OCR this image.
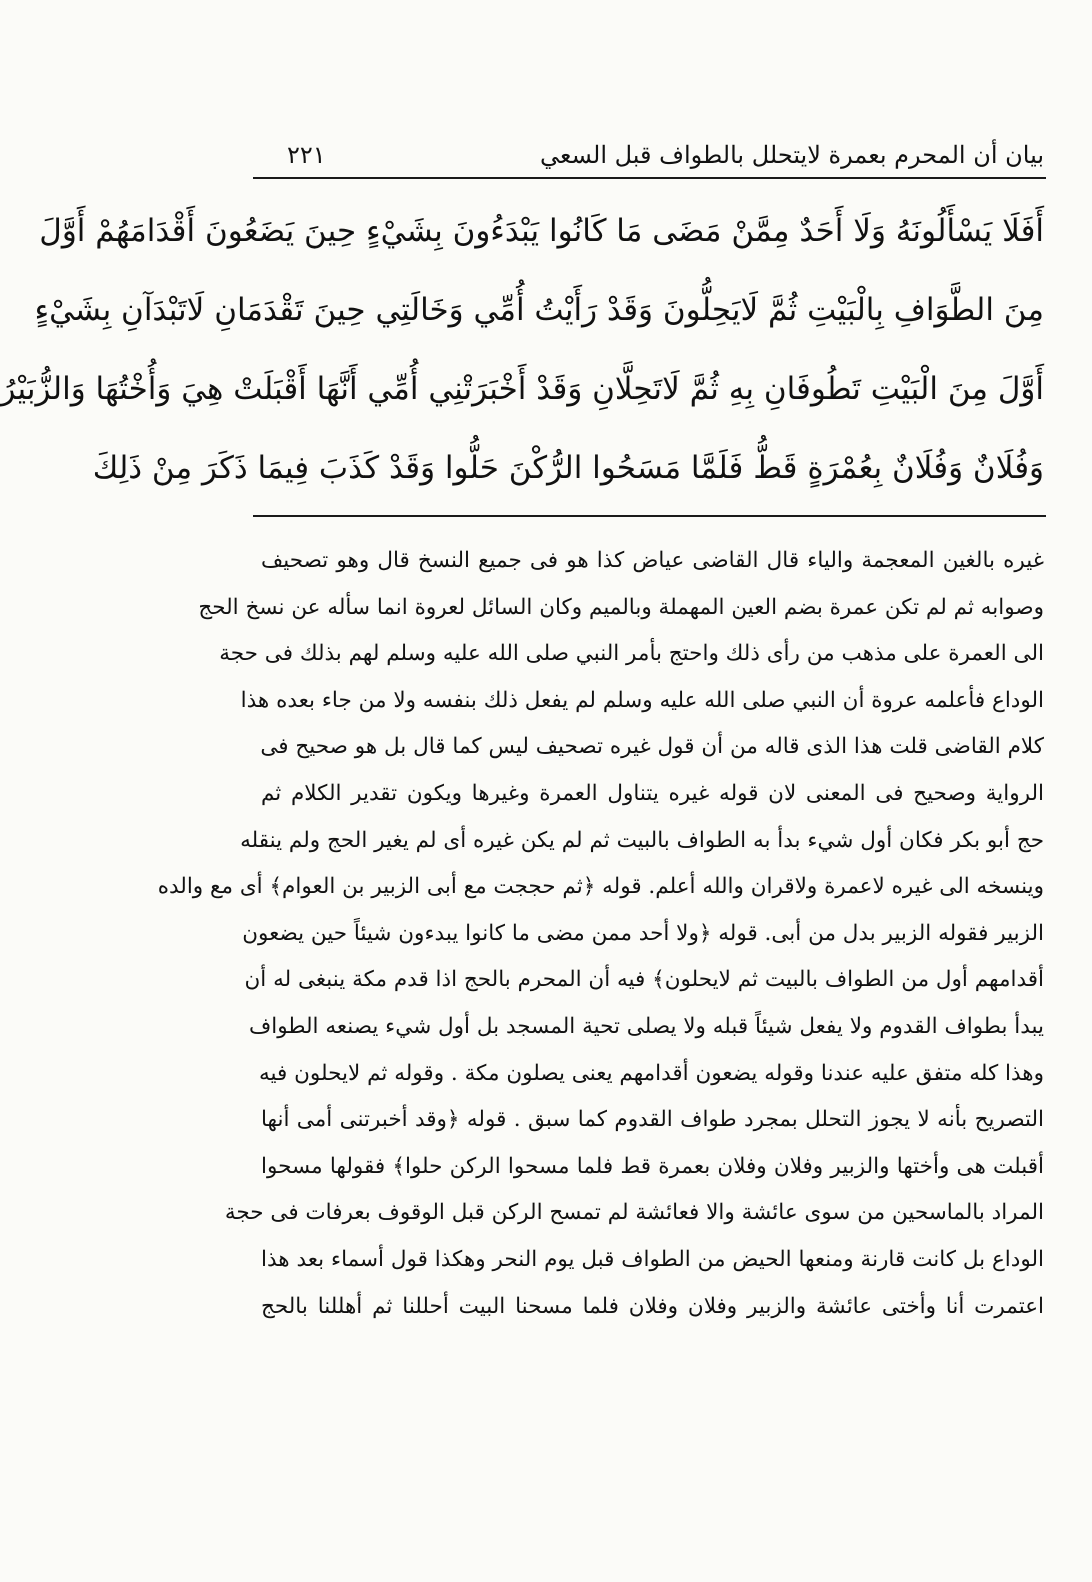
بيان أن المحرم بعمرة لايتحلل بالطواف قبل السعي
٢٢١
أَفَلَا يَسْأَلُونَهُ وَلَا أَحَدٌ مِمَّنْ مَضَى مَا كَانُوا يَبْدَءُونَ بِشَيْءٍ حِينَ يَضَعُونَ أَقْدَامَهُمْ أَوَّلَ
مِنَ الطَّوَافِ بِالْبَيْتِ ثُمَّ لَايَحِلُّونَ وَقَدْ رَأَيْتُ أُمِّي وَخَالَتِي حِينَ تَقْدَمَانِ لَاتَبْدَآنِ بِشَيْءٍ
أَوَّلَ مِنَ الْبَيْتِ تَطُوفَانِ بِهِ ثُمَّ لَاتَحِلَّانِ وَقَدْ أَخْبَرَتْنِي أُمِّي أَنَّهَا أَقْبَلَتْ هِيَ وَأُخْتُهَا وَالزُّبَيْرُ
وَفُلَانٌ وَفُلَانٌ بِعُمْرَةٍ قَطُّ فَلَمَّا مَسَحُوا الرُّكْنَ حَلُّوا وَقَدْ كَذَبَ فِيمَا ذَكَرَ مِنْ ذَلِكَ
غيره بالغين المعجمة والياء قال القاضى عياض كذا هو فى جميع النسخ قال وهو تصحيف
وصوابه ثم لم تكن عمرة بضم العين المهملة وبالميم وكان السائل لعروة انما سأله عن نسخ الحج
الى العمرة على مذهب من رأى ذلك واحتج بأمر النبي صلى الله عليه وسلم لهم بذلك فى حجة
الوداع فأعلمه عروة أن النبي صلى الله عليه وسلم لم يفعل ذلك بنفسه ولا من جاء بعده هذا
كلام القاضى قلت هذا الذى قاله من أن قول غيره تصحيف ليس كما قال بل هو صحيح فى
الرواية وصحيح فى المعنى لان قوله غيره يتناول العمرة وغيرها ويكون تقدير الكلام ثم
حج أبو بكر فكان أول شيء بدأ به الطواف بالبيت ثم لم يكن غيره أى لم يغير الحج ولم ينقله
وينسخه الى غيره لاعمرة ولاقران والله أعلم. قوله ﴿ثم حججت مع أبى الزبير بن العوام﴾ أى مع والده
الزبير فقوله الزبير بدل من أبى. قوله ﴿ولا أحد ممن مضى ما كانوا يبدءون شيئاً حين يضعون
أقدامهم أول من الطواف بالبيت ثم لايحلون﴾ فيه أن المحرم بالحج اذا قدم مكة ينبغى له أن
يبدأ بطواف القدوم ولا يفعل شيئاً قبله ولا يصلى تحية المسجد بل أول شيء يصنعه الطواف
وهذا كله متفق عليه عندنا وقوله يضعون أقدامهم يعنى يصلون مكة . وقوله ثم لايحلون فيه
التصريح بأنه لا يجوز التحلل بمجرد طواف القدوم كما سبق . قوله ﴿وقد أخبرتنى أمى أنها
أقبلت هى وأختها والزبير وفلان وفلان بعمرة قط فلما مسحوا الركن حلوا﴾ فقولها مسحوا
المراد بالماسحين من سوى عائشة والا فعائشة لم تمسح الركن قبل الوقوف بعرفات فى حجة
الوداع بل كانت قارنة ومنعها الحيض من الطواف قبل يوم النحر وهكذا قول أسماء بعد هذا
اعتمرت أنا وأختى عائشة والزبير وفلان وفلان فلما مسحنا البيت أحللنا ثم أهللنا بالحج
